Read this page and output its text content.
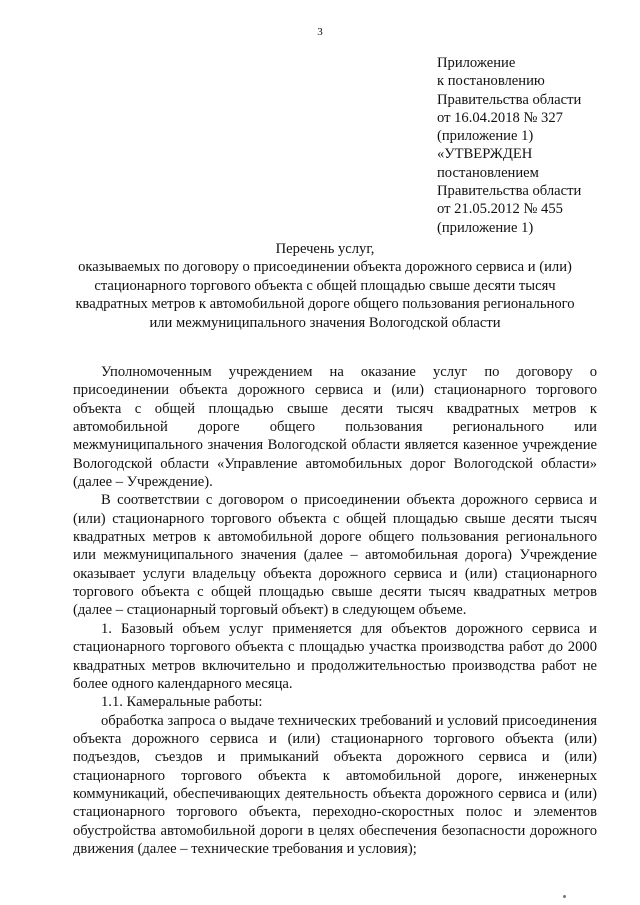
3
Приложение
к постановлению
Правительства области
от 16.04.2018 № 327
(приложение 1)
«УТВЕРЖДЕН
постановлением
Правительства области
от 21.05.2012 № 455
(приложение 1)
Перечень услуг,
оказываемых по договору о присоединении объекта дорожного сервиса и (или)
стационарного торгового объекта с общей площадью свыше десяти тысяч
квадратных метров к автомобильной дороге общего пользования регионального
или межмуниципального значения Вологодской области

Уполномоченным учреждением на оказание услуг по договору о присоединении объекта дорожного сервиса и (или) стационарного торгового объекта с общей площадью свыше десяти тысяч квадратных метров к автомобильной дороге общего пользования регионального или межмуниципального значения Вологодской области является казенное учреждение Вологодской области «Управление автомобильных дорог Вологодской области» (далее – Учреждение).

В соответствии с договором о присоединении объекта дорожного сервиса и (или) стационарного торгового объекта с общей площадью свыше десяти тысяч квадратных метров к автомобильной дороге общего пользования регионального или межмуниципального значения (далее – автомобильная дорога) Учреждение оказывает услуги владельцу объекта дорожного сервиса и (или) стационарного торгового объекта с общей площадью свыше десяти тысяч квадратных метров (далее – стационарный торговый объект) в следующем объеме.

1. Базовый объем услуг применяется для объектов дорожного сервиса и стационарного торгового объекта с площадью участка производства работ до 2000 квадратных метров включительно и продолжительностью производства работ не более одного календарного месяца.

1.1. Камеральные работы:

обработка запроса о выдаче технических требований и условий присоединения объекта дорожного сервиса и (или) стационарного торгового объекта (или) подъездов, съездов и примыканий объекта дорожного сервиса и (или) стационарного торгового объекта к автомобильной дороге, инженерных коммуникаций, обеспечивающих деятельность объекта дорожного сервиса и (или) стационарного торгового объекта, переходно-скоростных полос и элементов обустройства автомобильной дороги в целях обеспечения безопасности дорожного движения (далее – технические требования и условия);
